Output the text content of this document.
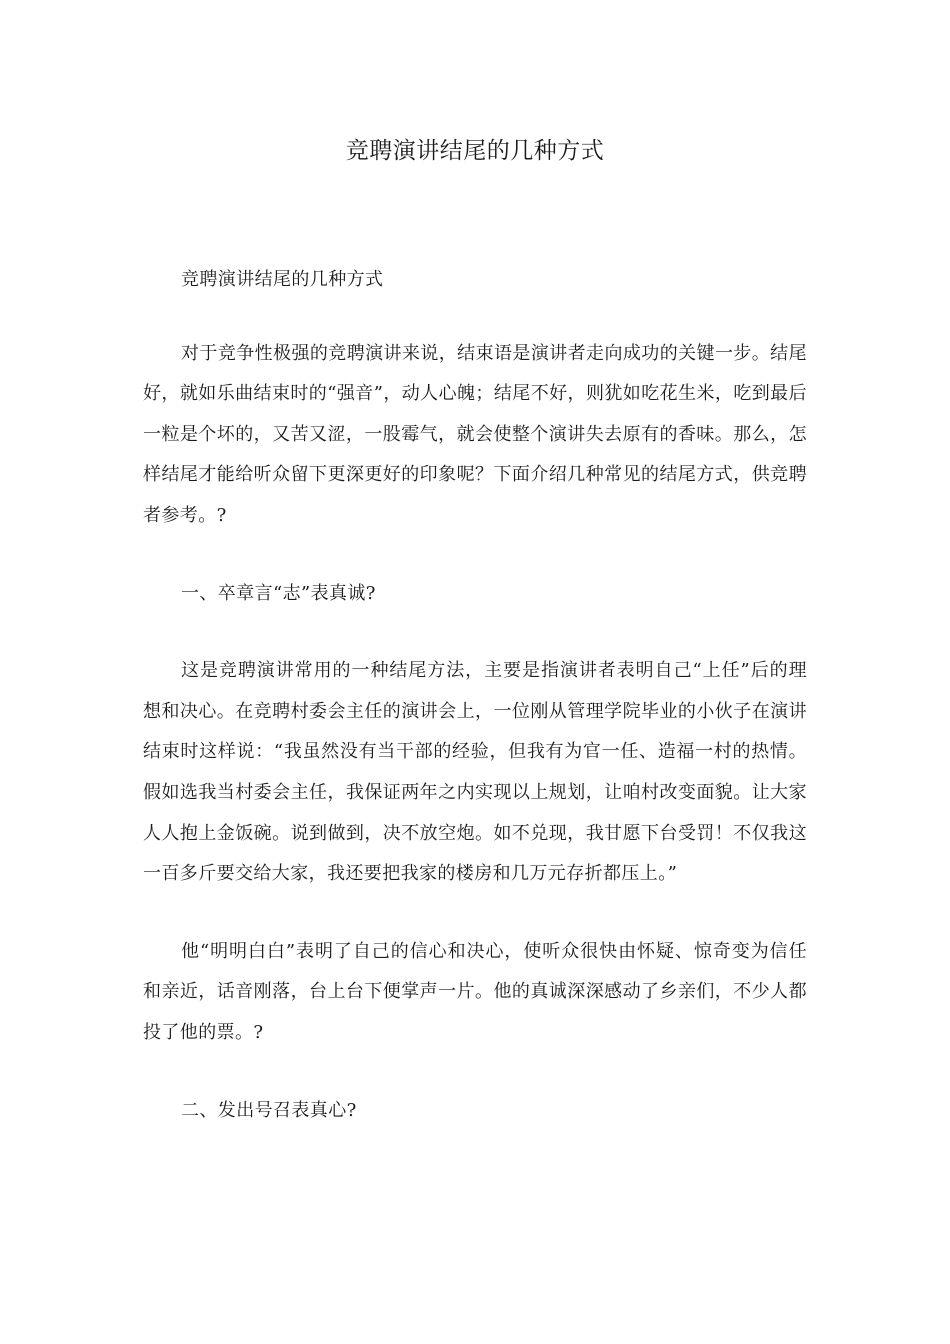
竞聘演讲结尾的几种方式

竞聘演讲结尾的几种方式

对于竞争性极强的竞聘演讲来说，结束语是演讲者走向成功的关键一步。结尾好，就如乐曲结束时的“强音”，动人心魄；结尾不好，则犹如吃花生米，吃到最后一粒是个坏的，又苦又涩，一股霉气，就会使整个演讲失去原有的香味。那么，怎样结尾才能给听众留下更深更好的印象呢？下面介绍几种常见的结尾方式，供竞聘者参考。?

一、卒章言“志”表真诚?

这是竞聘演讲常用的一种结尾方法，主要是指演讲者表明自己“上任”后的理想和决心。在竞聘村委会主任的演讲会上，一位刚从管理学院毕业的小伙子在演讲结束时这样说：“我虽然没有当干部的经验，但我有为官一任、造福一村的热情。假如选我当村委会主任，我保证两年之内实现以上规划，让咱村改变面貌。让大家人人抱上金饭碗。说到做到，决不放空炮。如不兑现，我甘愿下台受罚！不仅我这一百多斤要交给大家，我还要把我家的楼房和几万元存折都压上。”

他“明明白白”表明了自己的信心和决心，使听众很快由怀疑、惊奇变为信任和亲近，话音刚落，台上台下便掌声一片。他的真诚深深感动了乡亲们，不少人都投了他的票。?

二、发出号召表真心?
